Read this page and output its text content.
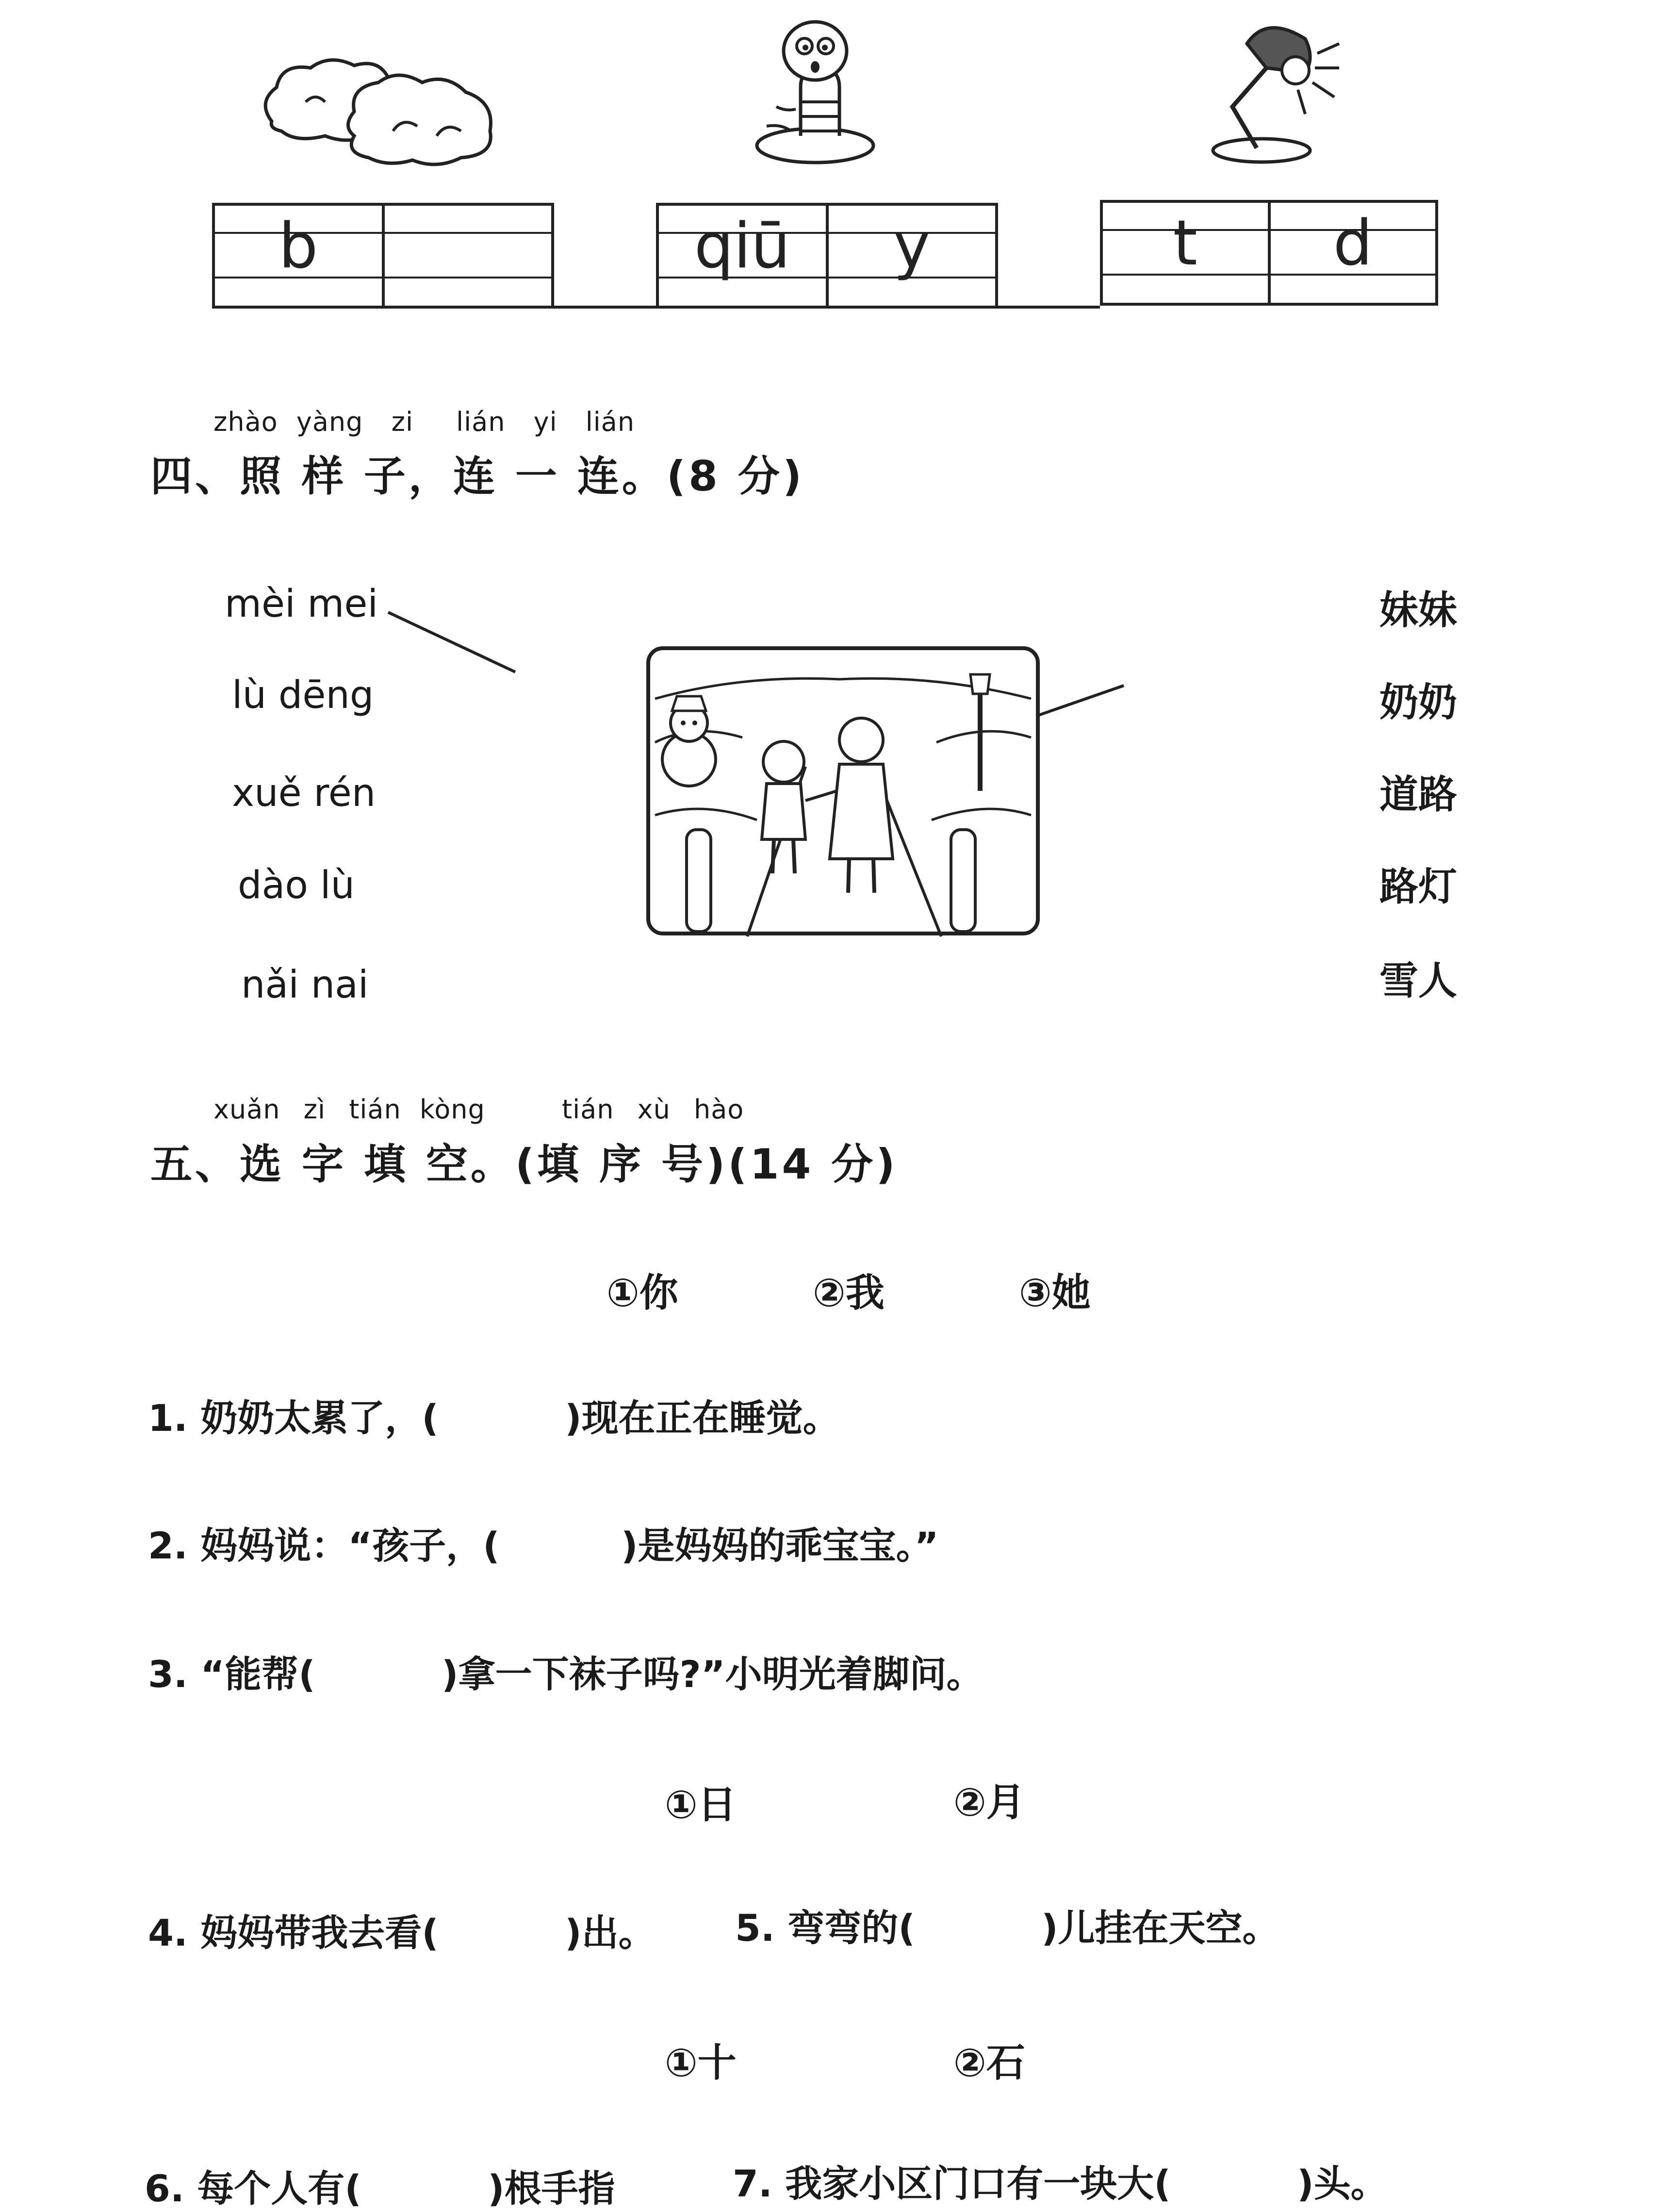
b	qiū	y	t	d
zhào yàng zi lián yi lián
四、照 样 子，连 一 连。(8 分)
mèi mei
lù dēng
xuě rén
dào lù
nǎi nai
妹妹
奶奶
道路
路灯
雪人
xuǎn zì tián kòng	tián xù hào
五、选 字 填 空。(填 序 号)(14 分)
①你	②我	③她
1. 奶奶太累了，(	)现在正在睡觉。
2. 妈妈说：“孩子，(	)是妈妈的乖宝宝。”
3. “能帮(	)拿一下袜子吗?”小明光着脚问。
①日	②月
4. 妈妈带我去看(	)出。 5. 弯弯的(	)儿挂在天空。
①十	②石
6. 每个人有(	)根手指	7. 我家小区门口有一块大(	)头。
